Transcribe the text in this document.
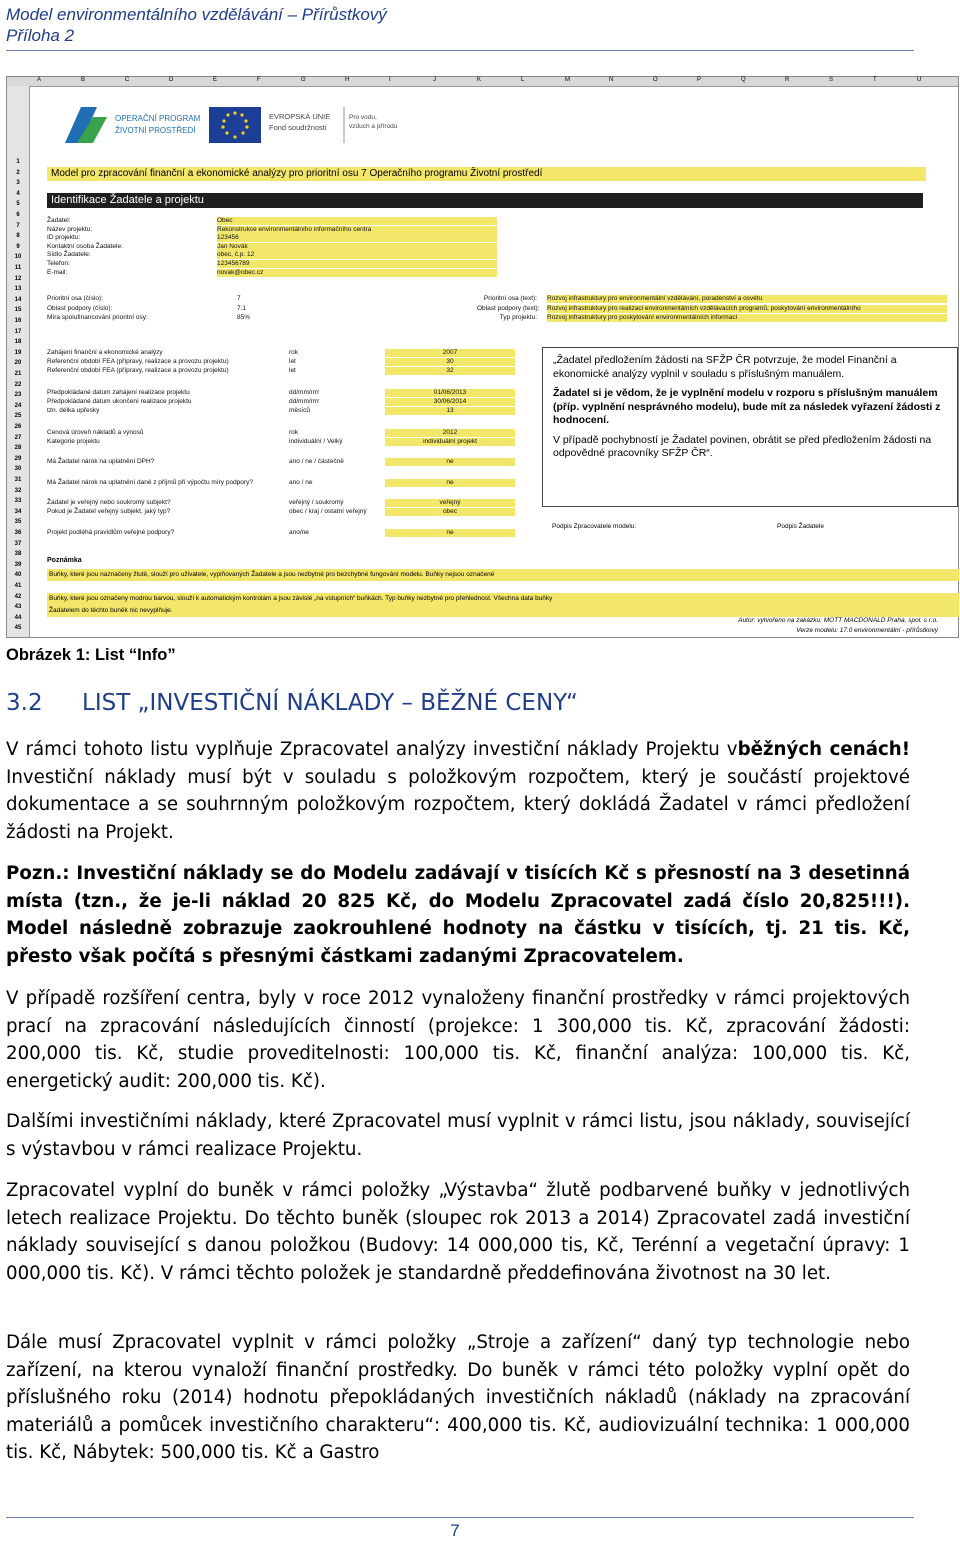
Model environmentálního vzdělávání – Přírůstkový
Příloha 2
A	B	C	D	E	F	G	H	I	J	K	L	M	N	O	P	Q	R	S	T	U
1
2
3
4
5
6
7
8
9
10
11
12
13
14
15
16
17
18
19
20
21
22
23
24
25
26
27
28
29
30
31
32
33
34
35
36
37
38
39
40
41
42
43
44
45
OPERAČNÍ PROGRAM ŽIVOTNÍ PROSTŘEDÍ
EVROPSKÁ UNIE Fond soudržnosti
Pro vodu, vzduch a přírodu
Model pro zpracování finanční a ekonomické analýzy pro prioritní osu 7 Operačního programu Životní prostředí
Identifikace Žadatele a projektu
Žadatel:	Obec
Název projektu:	Rekonstrukce environmentálního informačního centra
ID projektu:	123456
Kontaktní osoba Žadatele:	Jan Novák
Sídlo Žadatele:	obec, č.p. 12
Telefon:	123456789
E-mail:	novak@obec.cz
Prioritní osa (číslo):	7	Prioritní osa (text): Rozvoj infrastruktury pro environmentální vzdělávání, poradenství a osvětu
Oblast podpory (číslo):	7.1	Oblast podpory (text): Rozvoj infrastruktury pro realizaci environmentálních vzdělávacích programů, poskytování environmentálního
Míra spolufinancování prioritní osy:	85%	Typ projektu: Rozvoj infrastruktury pro poskytování environmentálních informací
Zahájení finanční a ekonomické analýzy	rok	2007
Referenční období FEA (přípravy, realizace a provozu projektu)	let	30
Referenční období FEA (přípravy, realizace a provozu projektu)	let	32
Předpokládané datum zahájení realizace projektu	dd/mm/rrrr	01/06/2013
Předpokládané datum ukončení realizace projektu	dd/mm/rrrr	30/06/2014
tzn. délka upřesky	měsíců	13
Cenová úroveň nákladů a výnosů	rok	2012
Kategorie projektu	individuální / Velký	individuální projekt
Má Žadatel nárok na uplatnění DPH?	ano / ne / částečně	ne
Má Žadatel nárok na uplatnění daně z příjmů při výpočtu míry podpory?	ano / ne	ne
Žadatel je veřejný nebo soukromý subjekt?	veřejný / soukromý	veřejný
Pokud je Žadatel veřejný subjekt, jaký typ?	obec / kraj / ostatní veřejný	obec
Projekt podléhá pravidlům veřejné podpory?	ano/ne	ne

„Žadatel předložením žádosti na SFŽP ČR potvrzuje, že model Finanční a ekonomické analýzy vyplnil v souladu s příslušným manuálem.

Žadatel si je vědom, že je vyplnění modelu v rozporu s příslušným manuálem (příp. vyplnění nesprávného modelu), bude mít za následek vyřazení žádosti z hodnocení.

V případě pochybností je Žadatel povinen, obrátit se před předložením žádosti na odpovědné pracovníky SFŽP ČR“.

Podpis Zpracovatele modelu:	Podpis Žadatele
Poznámka
Buňky, které jsou naznačeny žlutě, slouží pro uživatele, vyplňovaných Žadatele a jsou nezbytné pro bezchybné fungování modelu. Buňky nejsou označené
Buňky, které jsou označeny modrou barvou, slouží k automatickým kontrolám a jsou závislé „na vstupních“ buňkách. Typ buňky nezbytné pro přehlednost. Všechna data buňky
Žadatelem do těchto buněk nic nevyplňuje.
Autor: vytvořeno na zakázku: MOTT MACDONALD Praha, spol. s r.o.
Verze modelu: 17.0 environmentální - přírůstkový
Obrázek 1: List “Info”
3.2 LIST „INVESTIČNÍ NÁKLADY – BĚŽNÉ CENY“
V rámci tohoto listu vyplňuje Zpracovatel analýzy investiční náklady Projektu vběžných cenách! Investiční náklady musí být v souladu s položkovým rozpočtem, který je součástí projektové dokumentace a se souhrnným položkovým rozpočtem, který dokládá Žadatel v rámci předložení žádosti na Projekt.
Pozn.: Investiční náklady se do Modelu zadávají v tisících Kč s přesností na 3 desetinná místa (tzn., že je-li náklad 20 825 Kč, do Modelu Zpracovatel zadá číslo 20,825!!!). Model následně zobrazuje zaokrouhlené hodnoty na částku v tisících, tj. 21 tis. Kč, přesto však počítá s přesnými částkami zadanými Zpracovatelem.
V případě rozšíření centra, byly v roce 2012 vynaloženy finanční prostředky v rámci projektových prací na zpracování následujících činností (projekce: 1 300,000 tis. Kč, zpracování žádosti: 200,000 tis. Kč, studie proveditelnosti: 100,000 tis. Kč, finanční analýza: 100,000 tis. Kč, energetický audit: 200,000 tis. Kč).
Dalšími investičními náklady, které Zpracovatel musí vyplnit v rámci listu, jsou náklady, související s výstavbou v rámci realizace Projektu.
Zpracovatel vyplní do buněk v rámci položky „Výstavba“ žlutě podbarvené buňky v jednotlivých letech realizace Projektu. Do těchto buněk (sloupec rok 2013 a 2014) Zpracovatel zadá investiční náklady související s danou položkou (Budovy: 14 000,000 tis, Kč, Terénní a vegetační úpravy: 1 000,000 tis. Kč). V rámci těchto položek je standardně předdefinována životnost na 30 let.
Dále musí Zpracovatel vyplnit v rámci položky „Stroje a zařízení“ daný typ technologie nebo zařízení, na kterou vynaloží finanční prostředky. Do buněk v rámci této položky vyplní opět do příslušného roku (2014) hodnotu přepokládaných investičních nákladů (náklady na zpracování materiálů a pomůcek investičního charakteru“: 400,000 tis. Kč, audiovizuální technika: 1 000,000 tis. Kč, Nábytek: 500,000 tis. Kč a Gastro
7
